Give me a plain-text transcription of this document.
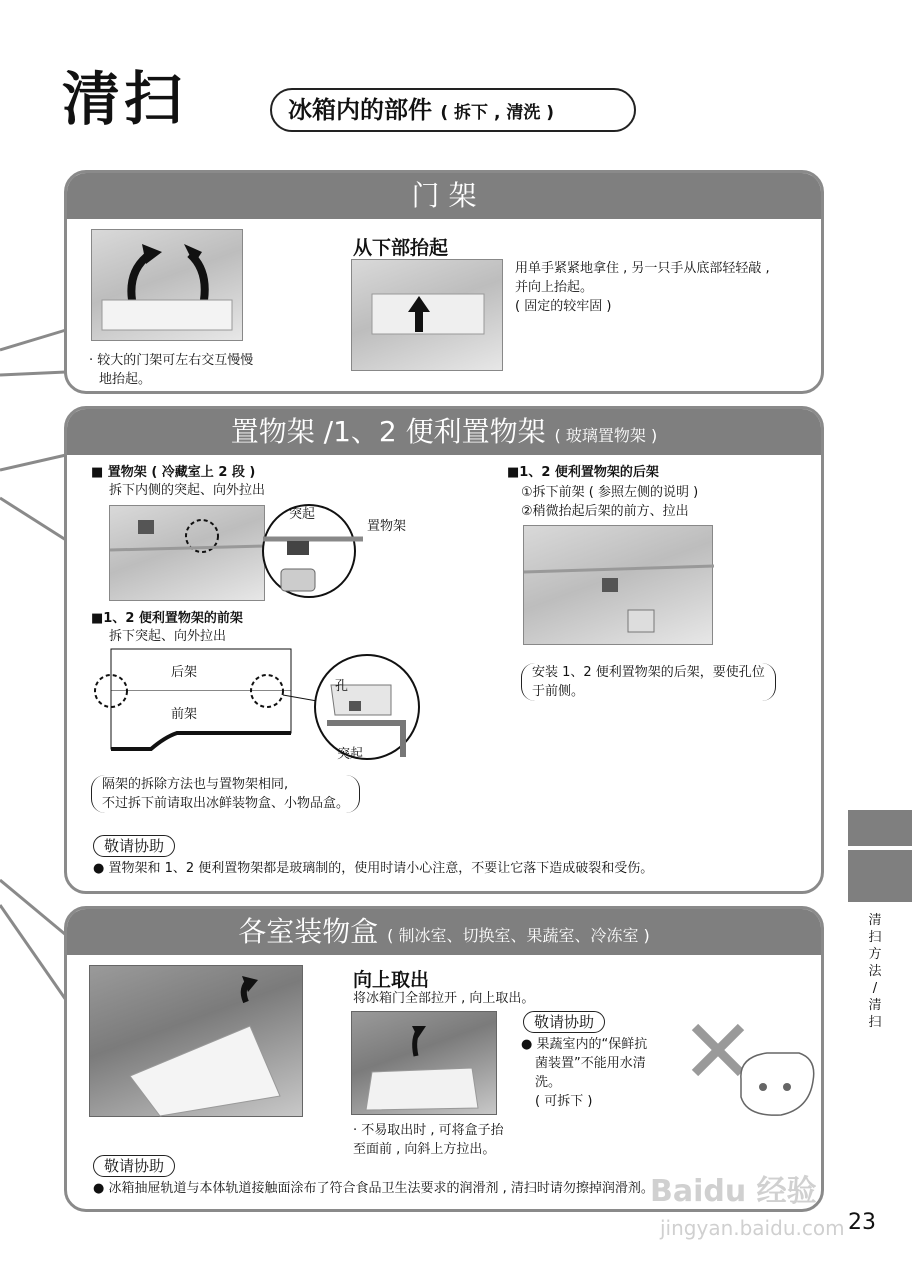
清扫	冰箱内的部件 ( 拆下 , 清洗 )
门 架
· 较大的门架可左右交互慢慢
地抬起。
从下部抬起
用单手紧紧地拿住 , 另一只手从底部轻轻敲 ,
并向上抬起。
( 固定的较牢固 )
置物架 /1、2 便利置物架 ( 玻璃置物架 )
■ 置物架 ( 冷藏室上 2 段 )
拆下内侧的突起、向外拉出
突起
置物架
■1、2 便利置物架的前架
拆下突起、向外拉出
后架
前架
孔
突起
隔架的拆除方法也与置物架相同,
不过拆下前请取出冰鲜装物盒、小物品盒。
■1、2 便利置物架的后架
①拆下前架 ( 参照左侧的说明 )
②稍微抬起后架的前方、拉出
安装 1、2 便利置物架的后架，要使孔位
于前侧。
敬请协助
● 置物架和 1、2 便利置物架都是玻璃制的，使用时请小心注意，不要让它落下造成破裂和受伤。
各室装物盒 ( 制冰室、切换室、果蔬室、冷冻室 )
向上取出
将冰箱门全部拉开 , 向上取出。
· 不易取出时 , 可将盒子抬
至面前 , 向斜上方拉出。
敬请协助
● 果蔬室内的“保鲜抗
菌装置”不能用水清
洗。
( 可拆下 )
敬请协助
● 冰箱抽屉轨道与本体轨道接触面涂布了符合食品卫生法要求的润滑剂 , 清扫时请勿擦掉润滑剂。
清扫方法 / 清扫
Baidu 经验
jingyan.baidu.com 23
